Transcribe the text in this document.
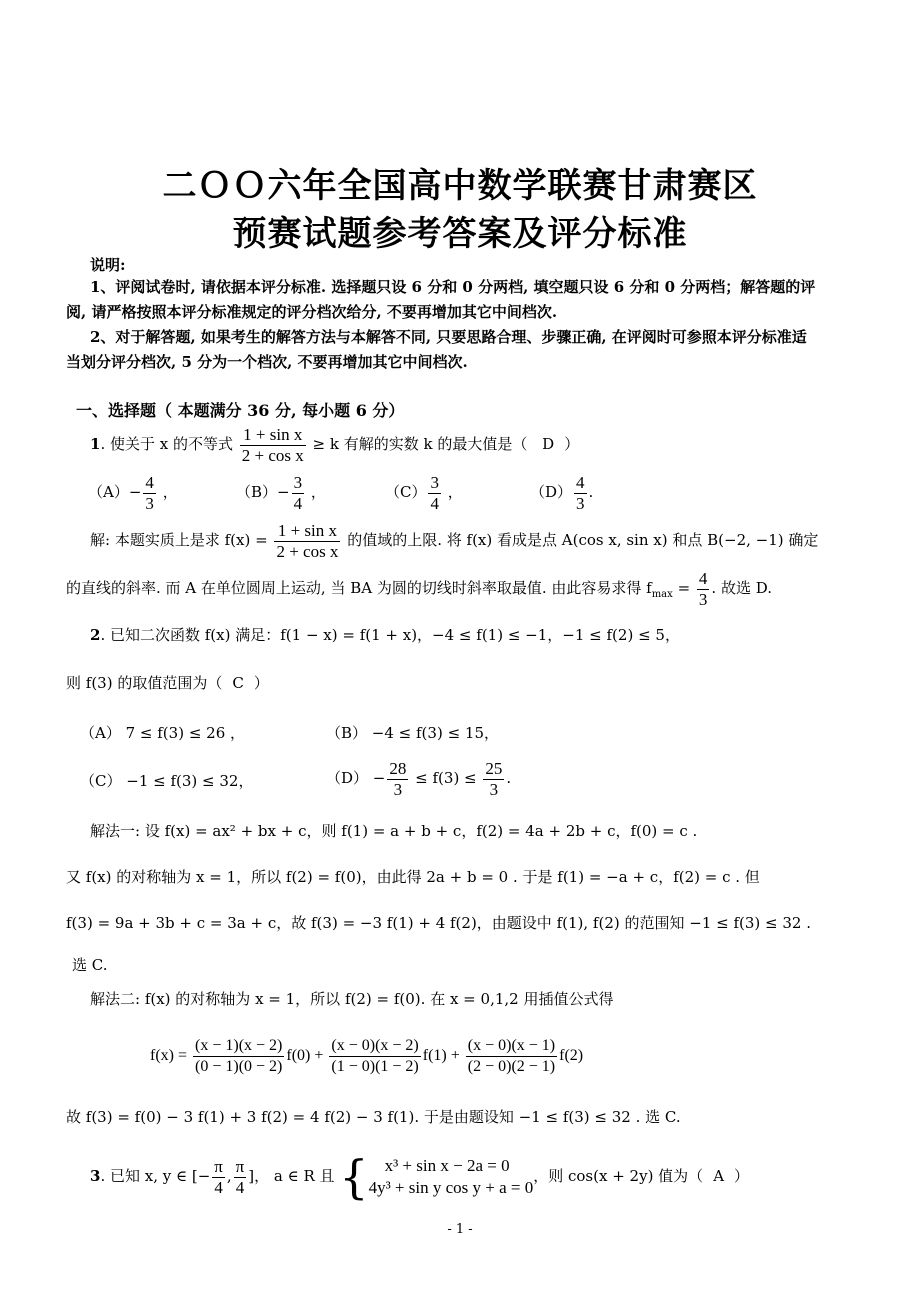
二ＯＯ六年全国高中数学联赛甘肃赛区
预赛试题参考答案及评分标准
说明:
1、评阅试卷时, 请依据本评分标准. 选择题只设 6 分和 0 分两档, 填空题只设 6 分和 0 分两档；解答题的评
阅, 请严格按照本评分标准规定的评分档次给分, 不要再增加其它中间档次.
2、对于解答题, 如果考生的解答方法与本解答不同, 只要思路合理、步骤正确, 在评阅时可参照本评分标准适
当划分评分档次, 5 分为一个档次, 不要再增加其它中间档次.
一、选择题（ 本题满分 36 分, 每小题 6 分）
1. 使关于 x 的不等式 $\frac{\text{1 + sin x}}{\text{2 + cos x}} \ge k$ 有解的实数 k 的最大值是（ D ）
$(A)- \frac{4}{3}$ ，	$(B)- \frac{3}{4}$ ，	$(C) \frac{3}{4}$ ，	$(D) \frac{4}{3}$ .
解: 本题实质上是求 $f(x) = \frac{\text{1 + sin x}}{\text{2 + cos x}}$ 的值域的上限. 将 f(x) 看成是点 A(cos x, sin x) 和点 B(−2, −1) 确定
的直线的斜率. 而 A 在单位圆周上运动, 当 BA 为圆的切线时斜率取最值. 由此容易求得 $f_{max} = \frac{4}{3}$ . 故选 D.
2. 已知二次函数 f(x) 满足：f(1 − x) = f(1 + x)，−4 ≤ f(1) ≤ −1，−1 ≤ f(2) ≤ 5，
则 f(3) 的取值范围为（ C ）
（A） 7 ≤ f(3) ≤ 26 ，	（B） −4 ≤ f(3) ≤ 15，
（C） −1 ≤ f(3) ≤ 32，	$(D) - \frac{28}{3} \le f(3) \le \frac{25}{3}$ .
解法一: 设 f(x) = ax² + bx + c，则 f(1) = a + b + c，f(2) = 4a + 2b + c，f(0) = c .
又 f(x) 的对称轴为 x = 1，所以 f(2) = f(0)，由此得 2a + b = 0 . 于是 f(1) = −a + c，f(2) = c . 但
f(3) = 9a + 3b + c = 3a + c，故 f(3) = −3 f(1) + 4 f(2)，由题设中 f(1), f(2) 的范围知 −1 ≤ f(3) ≤ 32 .
选 C.
解法二: f(x) 的对称轴为 x = 1，所以 f(2) = f(0). 在 x = 0,1,2 用插值公式得
$f(x) = \frac{(x - 1)(x - 2)}{(0 - 1)(0 - 2)} f(0) + \frac{(x - 0)(x - 2)}{(1 - 0)(1 - 2)} f(1) + \frac{(x - 0)(x - 1)}{(2 - 0)(2 - 1)} f(2)$
故 f(3) = f(0) − 3 f(1) + 3 f(2) = 4 f(2) − 3 f(1). 于是由题设知 −1 ≤ f(3) ≤ 32 . 选 C.
3. 已知 x, y ∈ [− $\frac{\pi}{4}$ , $\frac{\pi}{4}$ ]， a ∈ R 且 { x³ + sin x − 2a = 0
4y³ + sin y cos y + a = 0
，则 cos(x + 2y) 值为（ A ）
- 1 -
